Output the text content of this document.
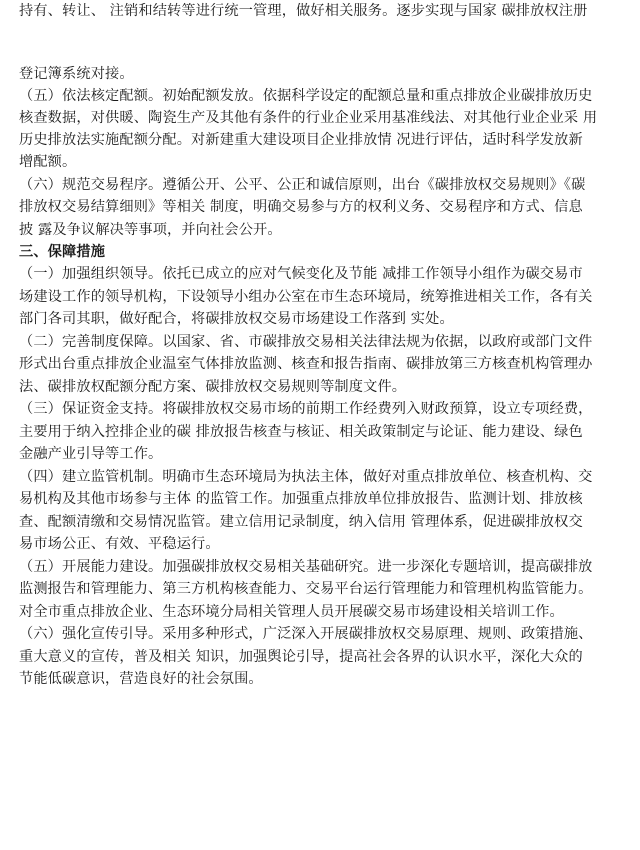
持有、转让、 注销和结转等进行统一管理，做好相关服务。逐步实现与国家 碳排放权注册
登记簿系统对接。
（五）依法核定配额。初始配额发放。依据科学设定的配额总量和重点排放企业碳排放历史
核查数据，对供暖、陶瓷生产及其他有条件的行业企业采用基准线法、对其他行业企业采 用
历史排放法实施配额分配。对新建重大建设项目企业排放情 况进行评估，适时科学发放新
增配额。
（六）规范交易程序。遵循公开、公平、公正和诚信原则，出台《碳排放权交易规则》《碳
排放权交易结算细则》等相关 制度，明确交易参与方的权利义务、交易程序和方式、信息
披 露及争议解决等事项，并向社会公开。
三、保障措施
（一）加强组织领导。依托已成立的应对气候变化及节能 减排工作领导小组作为碳交易市
场建设工作的领导机构，下设领导小组办公室在市生态环境局，统筹推进相关工作，各有关
部门各司其职，做好配合，将碳排放权交易市场建设工作落到 实处。
（二）完善制度保障。以国家、省、市碳排放交易相关法律法规为依据，以政府或部门文件
形式出台重点排放企业温室气体排放监测、核查和报告指南、碳排放第三方核查机构管理办
法、碳排放权配额分配方案、碳排放权交易规则等制度文件。
（三）保证资金支持。将碳排放权交易市场的前期工作经费列入财政预算，设立专项经费，
主要用于纳入控排企业的碳 排放报告核查与核证、相关政策制定与论证、能力建设、绿色
金融产业引导等工作。
（四）建立监管机制。明确市生态环境局为执法主体，做好对重点排放单位、核查机构、交
易机构及其他市场参与主体 的监管工作。加强重点排放单位排放报告、监测计划、排放核
查、配额清缴和交易情况监管。建立信用记录制度，纳入信用 管理体系，促进碳排放权交
易市场公正、有效、平稳运行。
（五）开展能力建设。加强碳排放权交易相关基础研究。进一步深化专题培训，提高碳排放
监测报告和管理能力、第三方机构核查能力、交易平台运行管理能力和管理机构监管能力。
对全市重点排放企业、生态环境分局相关管理人员开展碳交易市场建设相关培训工作。
（六）强化宣传引导。采用多种形式，广泛深入开展碳排放权交易原理、规则、政策措施、
重大意义的宣传，普及相关 知识，加强舆论引导，提高社会各界的认识水平，深化大众的
节能低碳意识，营造良好的社会氛围。
